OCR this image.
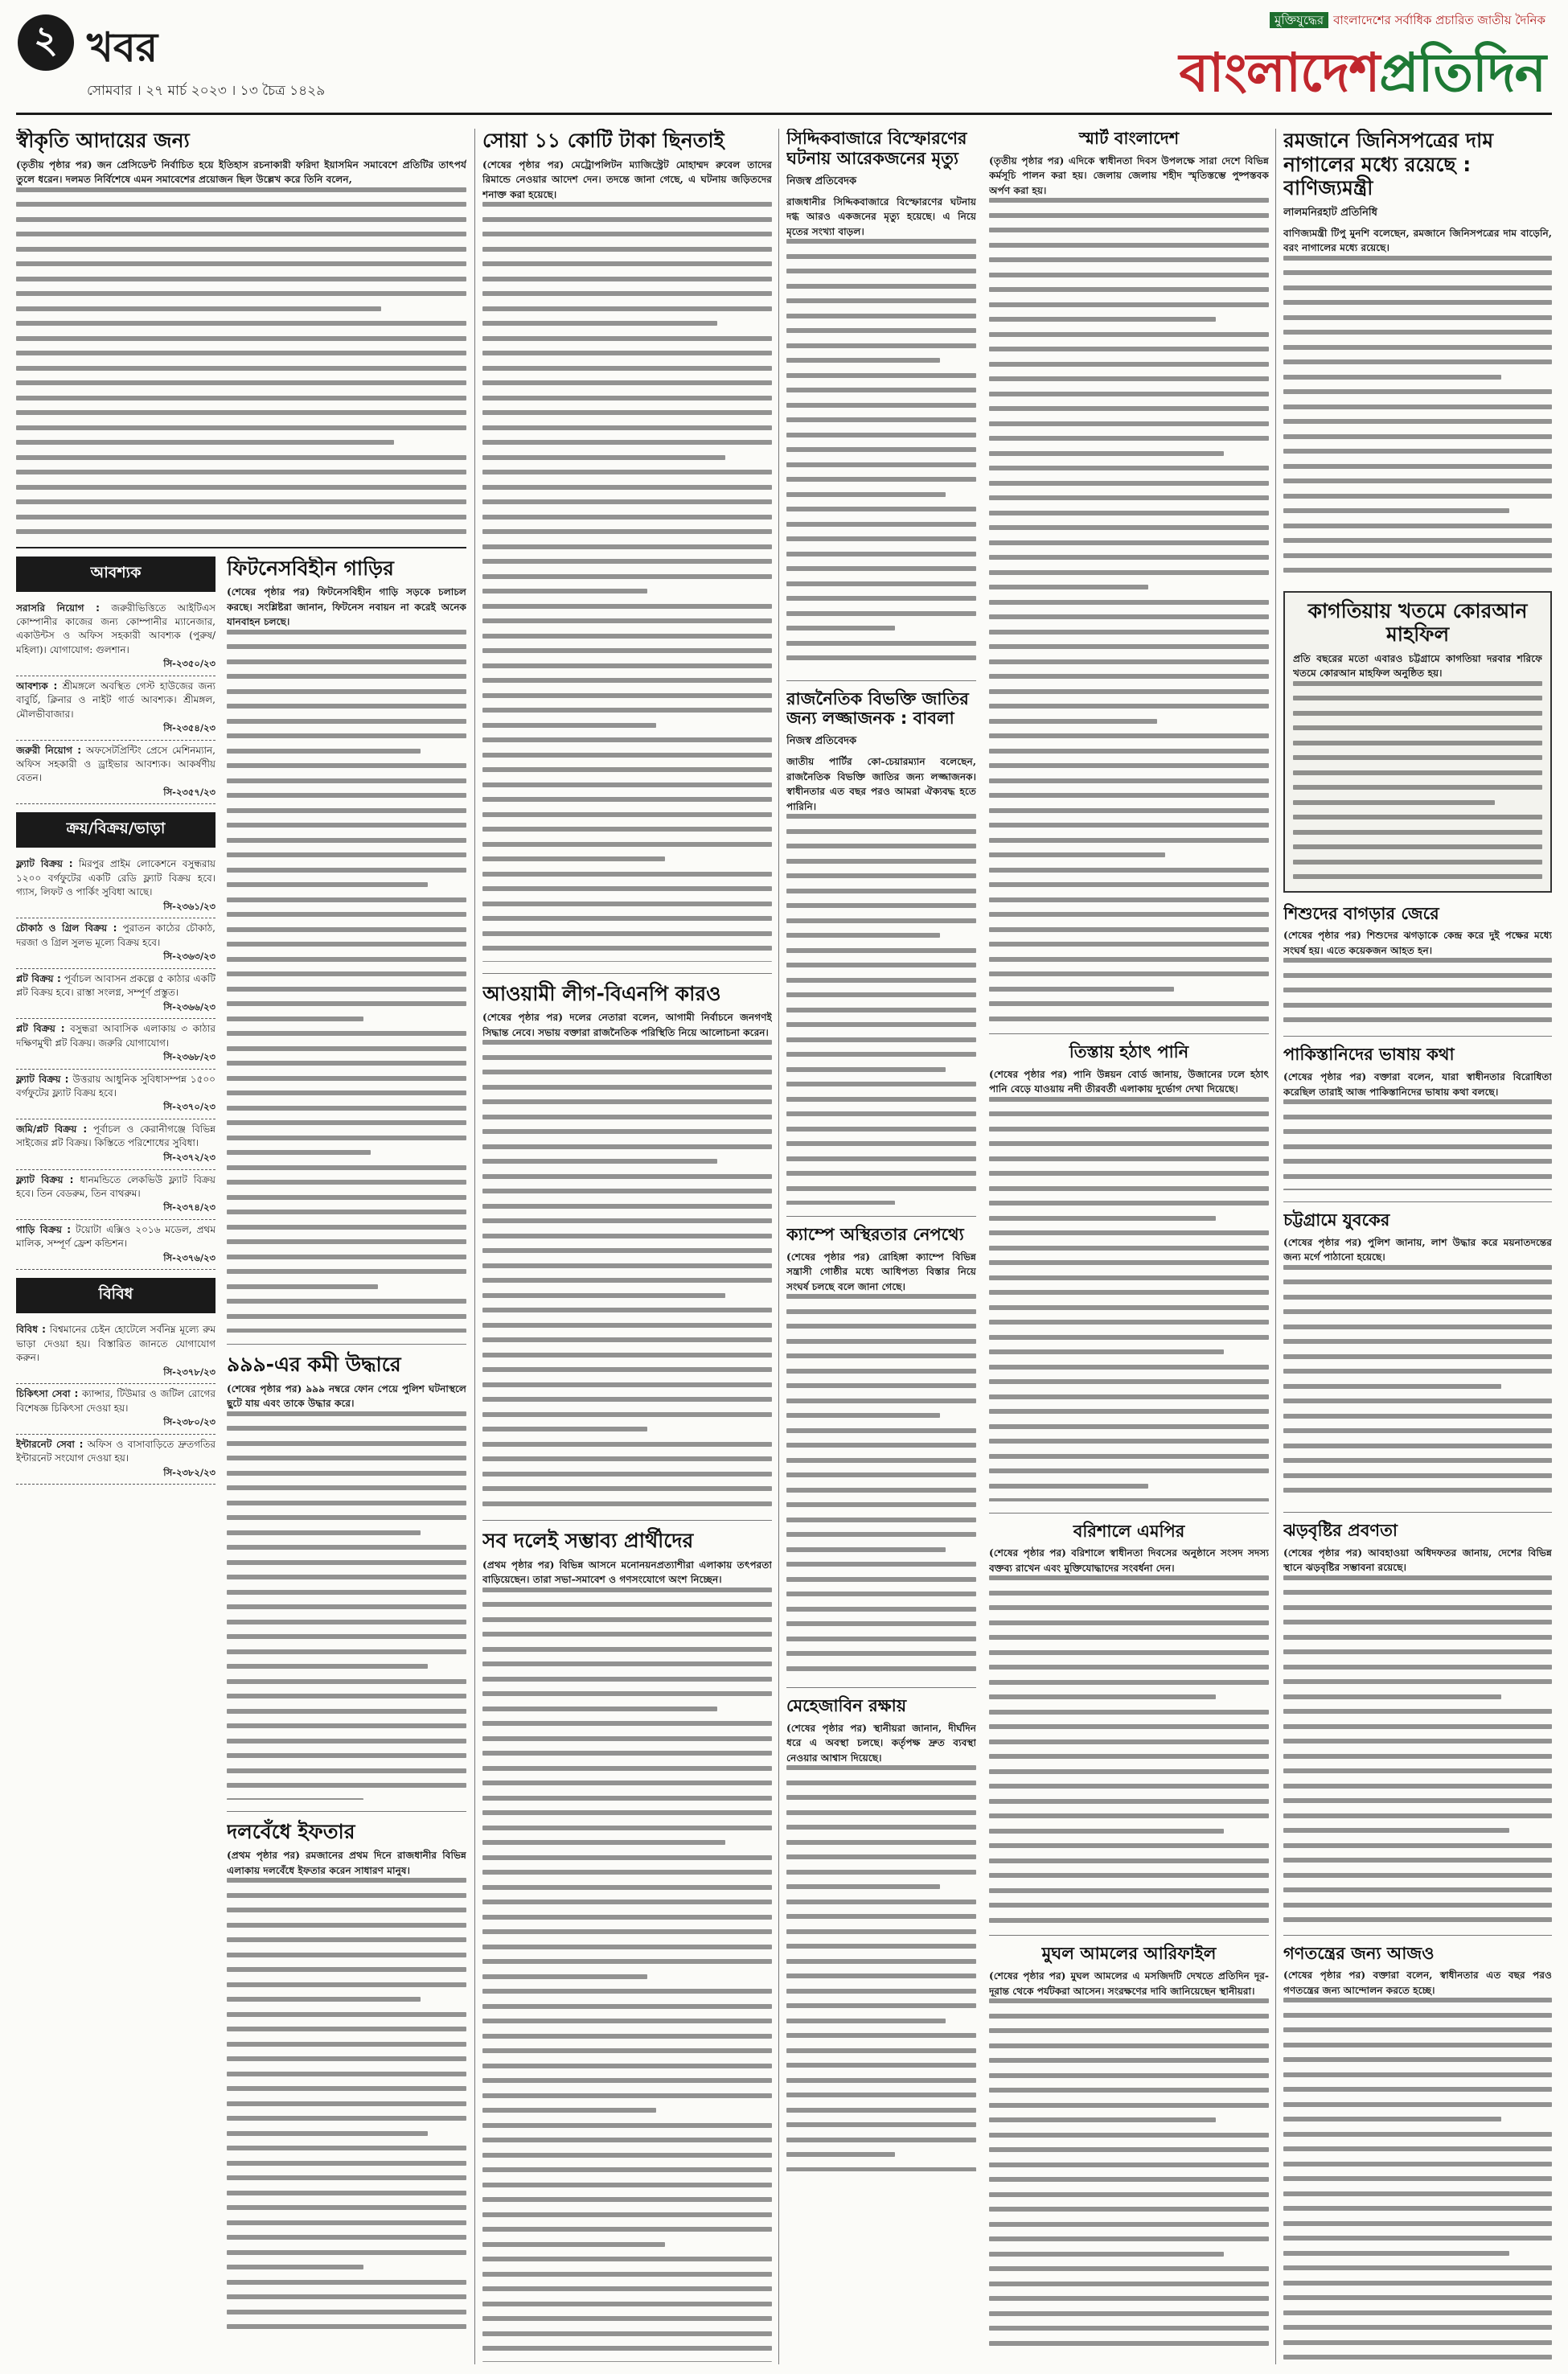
২ খবর
সোমবার । ২৭ মার্চ ২০২৩ । ১৩ চৈত্র ১৪২৯
মুক্তিযুদ্ধের বাংলাদেশের সর্বাধিক প্রচারিত জাতীয় দৈনিক
বাংলাদেশপ্রতিদিন
স্বীকৃতি আদায়ের জন্য
(তৃতীয় পৃষ্ঠার পর) জন প্রেসিডেন্ট নির্বাচিত হয়ে ইতিহাস রচনাকারী ফরিদা ইয়াসমিন সমাবেশে প্রতিটির তাৎপর্য তুলে ধরেন। দলমত নির্বিশেষে এমন সমাবেশের প্রয়োজন ছিল উল্লেখ করে তিনি বলেন,
আবশ্যক
সরাসরি নিয়োগ : জরুরীভিত্তিতে আইটিএস কোম্পানীর কাজের জন্য কোম্পানীর ম্যানেজার, একাউন্টস ও অফিস সহকারী আবশ্যক (পুরুষ/মহিলা)। যোগাযোগ: গুলশান।
সি-২৩৫০/২৩
আবশ্যক : শ্রীমঙ্গলে অবস্থিত গেস্ট হাউজের জন্য বাবুর্চি, ক্লিনার ও নাইট গার্ড আবশ্যক। শ্রীমঙ্গল, মৌলভীবাজার।
সি-২৩৫৪/২৩
জরুরী নিয়োগ : অফসেটপ্রিন্টিং প্রেসে মেশিনম্যান, অফিস সহকারী ও ড্রাইভার আবশ্যক। আকর্ষণীয় বেতন।
সি-২৩৫৭/২৩
ক্রয়/বিক্রয়/ভাড়া
ফ্ল্যাট বিক্রয় : মিরপুর প্রাইম লোকেশনে বসুন্ধরায় ১২০০ বর্গফুটের একটি রেডি ফ্ল্যাট বিক্রয় হবে। গ্যাস, লিফট ও পার্কিং সুবিধা আছে।
সি-২৩৬১/২৩
চৌকাঠ ও গ্রিল বিক্রয় : পুরাতন কাঠের চৌকাঠ, দরজা ও গ্রিল সুলভ মূল্যে বিক্রয় হবে।
সি-২৩৬৩/২৩
প্লট বিক্রয় : পূর্বাচল আবাসন প্রকল্পে ৫ কাঠার একটি প্লট বিক্রয় হবে। রাস্তা সংলগ্ন, সম্পূর্ণ প্রস্তুত।
সি-২৩৬৬/২৩
প্লট বিক্রয় : বসুন্ধরা আবাসিক এলাকায় ৩ কাঠার দক্ষিণমুখী প্লট বিক্রয়। জরুরি যোগাযোগ।
সি-২৩৬৮/২৩
ফ্ল্যাট বিক্রয় : উত্তরায় আধুনিক সুবিধাসম্পন্ন ১৫০০ বর্গফুটের ফ্ল্যাট বিক্রয় হবে।
সি-২৩৭০/২৩
জমি/প্লট বিক্রয় : পূর্বাচল ও কেরানীগঞ্জে বিভিন্ন সাইজের প্লট বিক্রয়। কিস্তিতে পরিশোধের সুবিধা।
সি-২৩৭২/২৩
ফ্ল্যাট বিক্রয় : ধানমন্ডিতে লেকভিউ ফ্ল্যাট বিক্রয় হবে। তিন বেডরুম, তিন বাথরুম।
সি-২৩৭৪/২৩
গাড়ি বিক্রয় : টয়োটা এক্সিও ২০১৬ মডেল, প্রথম মালিক, সম্পূর্ণ ফ্রেশ কন্ডিশন।
সি-২৩৭৬/২৩
বিবিধ
বিবিধ : বিশ্বমানের চেইন হোটেলে সর্বনিম্ন মূল্যে রুম ভাড়া দেওয়া হয়। বিস্তারিত জানতে যোগাযোগ করুন।
সি-২৩৭৮/২৩
চিকিৎসা সেবা : ক্যান্সার, টিউমার ও জটিল রোগের বিশেষজ্ঞ চিকিৎসা দেওয়া হয়।
সি-২৩৮০/২৩
ইন্টারনেট সেবা : অফিস ও বাসাবাড়িতে দ্রুতগতির ইন্টারনেট সংযোগ দেওয়া হয়।
সি-২৩৮২/২৩
ফিটনেসবিহীন গাড়ির
(শেষের পৃষ্ঠার পর) ফিটনেসবিহীন গাড়ি সড়কে চলাচল করছে। সংশ্লিষ্টরা জানান, ফিটনেস নবায়ন না করেই অনেক যানবাহন চলছে।
৯৯৯-এর কমী উদ্ধারে
(শেষের পৃষ্ঠার পর) ৯৯৯ নম্বরে ফোন পেয়ে পুলিশ ঘটনাস্থলে ছুটে যায় এবং তাকে উদ্ধার করে।
দলবেঁধে ইফতার
(প্রথম পৃষ্ঠার পর) রমজানের প্রথম দিনে রাজধানীর বিভিন্ন এলাকায় দলবেঁধে ইফতার করেন সাধারণ মানুষ।
সোয়া ১১ কোটি টাকা ছিনতাই
(শেষের পৃষ্ঠার পর) মেট্রোপলিটন ম্যাজিস্ট্রেট মোহাম্মদ রুবেল তাদের রিমান্ডে নেওয়ার আদেশ দেন। তদন্তে জানা গেছে, এ ঘটনায় জড়িতদের শনাক্ত করা হয়েছে।
আওয়ামী লীগ-বিএনপি কারও
(শেষের পৃষ্ঠার পর) দলের নেতারা বলেন, আগামী নির্বাচনে জনগণই সিদ্ধান্ত নেবে। সভায় বক্তারা রাজনৈতিক পরিস্থিতি নিয়ে আলোচনা করেন।
সব দলেই সম্ভাব্য প্রার্থীদের
(প্রথম পৃষ্ঠার পর) বিভিন্ন আসনে মনোনয়নপ্রত্যাশীরা এলাকায় তৎপরতা বাড়িয়েছেন। তারা সভা-সমাবেশ ও গণসংযোগে অংশ নিচ্ছেন।
সিদ্দিকবাজারে বিস্ফোরণের ঘটনায় আরেকজনের মৃত্যু
নিজস্ব প্রতিবেদক
রাজধানীর সিদ্দিকবাজারে বিস্ফোরণের ঘটনায় দগ্ধ আরও একজনের মৃত্যু হয়েছে। এ নিয়ে মৃতের সংখ্যা বাড়ল।
রাজনৈতিক বিভক্তি জাতির জন্য লজ্জাজনক : বাবলা
নিজস্ব প্রতিবেদক
জাতীয় পার্টির কো-চেয়ারম্যান বলেছেন, রাজনৈতিক বিভক্তি জাতির জন্য লজ্জাজনক। স্বাধীনতার এত বছর পরও আমরা ঐক্যবদ্ধ হতে পারিনি।
ক্যাম্পে অস্থিরতার নেপথ্যে
(শেষের পৃষ্ঠার পর) রোহিঙ্গা ক্যাম্পে বিভিন্ন সন্ত্রাসী গোষ্ঠীর মধ্যে আধিপত্য বিস্তার নিয়ে সংঘর্ষ চলছে বলে জানা গেছে।
মেহেজাবিন রক্ষায়
(শেষের পৃষ্ঠার পর) স্থানীয়রা জানান, দীর্ঘদিন ধরে এ অবস্থা চলছে। কর্তৃপক্ষ দ্রুত ব্যবস্থা নেওয়ার আশ্বাস দিয়েছে।
স্মার্ট বাংলাদেশ
(তৃতীয় পৃষ্ঠার পর) এদিকে স্বাধীনতা দিবস উপলক্ষে সারা দেশে বিভিন্ন কর্মসূচি পালন করা হয়। জেলায় জেলায় শহীদ স্মৃতিস্তম্ভে পুষ্পস্তবক অর্পণ করা হয়।
তিস্তায় হঠাৎ পানি
(শেষের পৃষ্ঠার পর) পানি উন্নয়ন বোর্ড জানায়, উজানের ঢলে হঠাৎ পানি বেড়ে যাওয়ায় নদী তীরবর্তী এলাকায় দুর্ভোগ দেখা দিয়েছে।
বরিশালে এমপির
(শেষের পৃষ্ঠার পর) বরিশালে স্বাধীনতা দিবসের অনুষ্ঠানে সংসদ সদস্য বক্তব্য রাখেন এবং মুক্তিযোদ্ধাদের সংবর্ধনা দেন।
মুঘল আমলের আরিফাইল
(শেষের পৃষ্ঠার পর) মুঘল আমলের এ মসজিদটি দেখতে প্রতিদিন দূর-দূরান্ত থেকে পর্যটকরা আসেন। সংরক্ষণের দাবি জানিয়েছেন স্থানীয়রা।
রমজানে জিনিসপত্রের দাম নাগালের মধ্যে রয়েছে : বাণিজ্যমন্ত্রী
লালমনিরহাট প্রতিনিধি
বাণিজ্যমন্ত্রী টিপু মুনশি বলেছেন, রমজানে জিনিসপত্রের দাম বাড়েনি, বরং নাগালের মধ্যে রয়েছে।
কাগতিয়ায় খতমে কোরআন মাহফিল
প্রতি বছরের মতো এবারও চট্টগ্রামে কাগতিয়া দরবার শরিফে খতমে কোরআন মাহফিল অনুষ্ঠিত হয়।
শিশুদের বাগড়ার জেরে
(শেষের পৃষ্ঠার পর) শিশুদের ঝগড়াকে কেন্দ্র করে দুই পক্ষের মধ্যে সংঘর্ষ হয়। এতে কয়েকজন আহত হন।
পাকিস্তানিদের ভাষায় কথা
(শেষের পৃষ্ঠার পর) বক্তারা বলেন, যারা স্বাধীনতার বিরোধিতা করেছিল তারাই আজ পাকিস্তানিদের ভাষায় কথা বলছে।
চট্টগ্রামে যুবকের
(শেষের পৃষ্ঠার পর) পুলিশ জানায়, লাশ উদ্ধার করে ময়নাতদন্তের জন্য মর্গে পাঠানো হয়েছে।
ঝড়বৃষ্টির প্রবণতা
(শেষের পৃষ্ঠার পর) আবহাওয়া অধিদফতর জানায়, দেশের বিভিন্ন স্থানে ঝড়বৃষ্টির সম্ভাবনা রয়েছে।
গণতন্ত্রের জন্য আজও
(শেষের পৃষ্ঠার পর) বক্তারা বলেন, স্বাধীনতার এত বছর পরও গণতন্ত্রের জন্য আন্দোলন করতে হচ্ছে।
